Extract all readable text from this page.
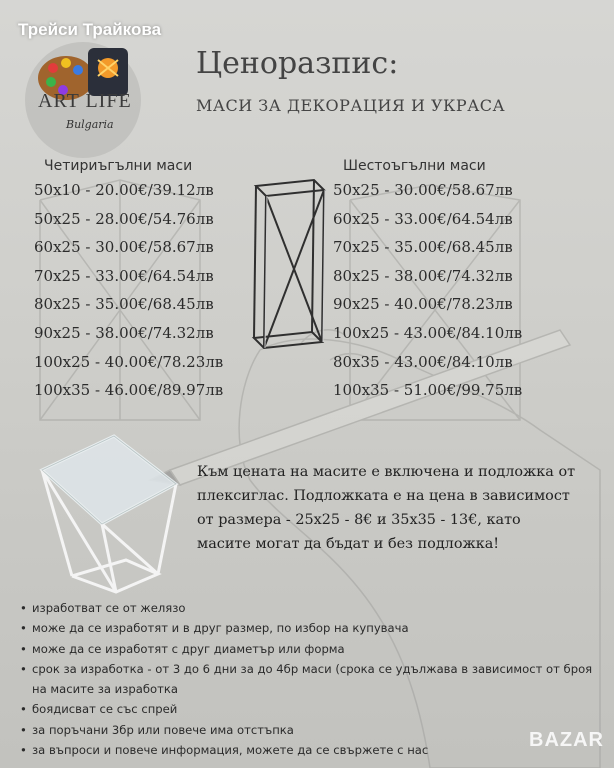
Трейси Трайкова
ART LIFE
Bulgaria
Ценоразпис:
МАСИ ЗА ДЕКОРАЦИЯ И УКРАСА
Четириъгълни маси
50x10 - 20.00€/39.12лв
50x25 - 28.00€/54.76лв
60x25 - 30.00€/58.67лв
70x25 - 33.00€/64.54лв
80x25 - 35.00€/68.45лв
90x25 - 38.00€/74.32лв
100x25 - 40.00€/78.23лв
100x35 - 46.00€/89.97лв
Шестоъгълни маси
50x25 - 30.00€/58.67лв
60x25 - 33.00€/64.54лв
70x25 - 35.00€/68.45лв
80x25 - 38.00€/74.32лв
90x25 - 40.00€/78.23лв
100x25 - 43.00€/84.10лв
80x35 - 43.00€/84.10лв
100x35 - 51.00€/99.75лв
Към цената на масите е включена и подложка от плексиглас. Подложката е на цена в зависимост от размера - 25x25 - 8€ и 35x35 - 13€, като масите могат да бъдат и без подложка!
• изработват се от желязо
• може да се изработят и в друг размер, по избор на купувача
• може да се изработят с друг диаметър или форма
• срок за изработка - от 3 до 6 дни за до 4бр маси (срока се удължава в зависимост от броя на масите за изработка
• боядисват се със спрей
• за поръчани 3бр или повече има отстъпка
• за въпроси и повече информация, можете да се свържете с нас	BAZAR
